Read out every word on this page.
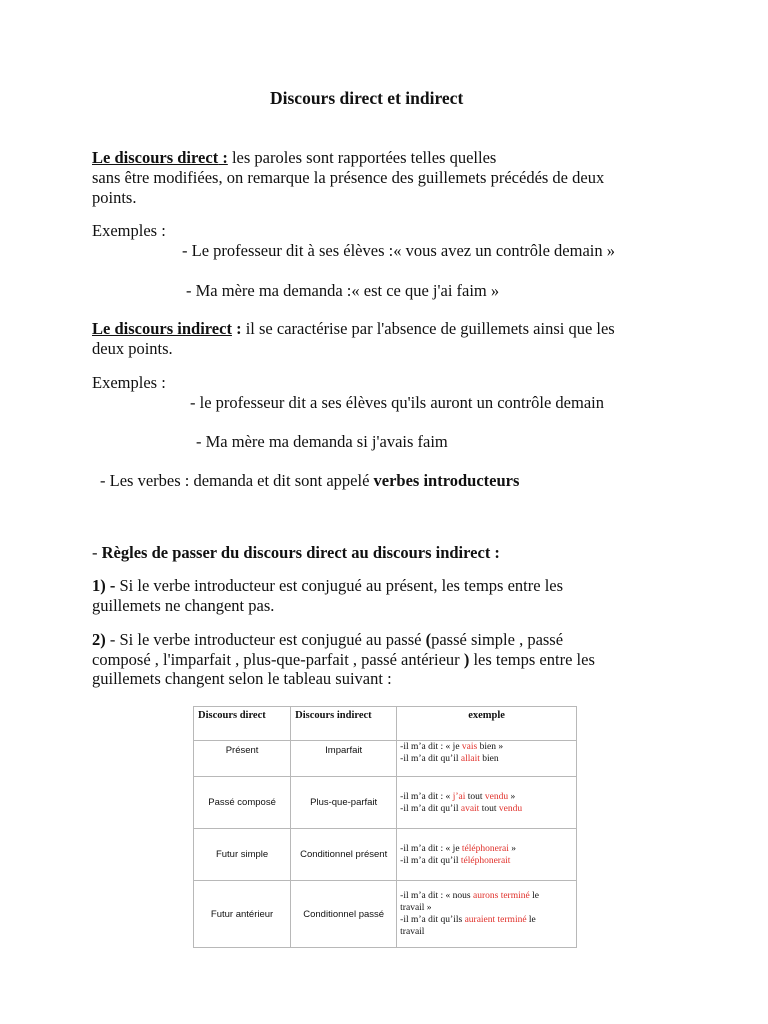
Discours direct et indirect
Le discours direct : les paroles sont rapportées telles quelles
sans être modifiées, on remarque la présence des guillemets précédés de deux
points.
Exemples :
- Le professeur dit à ses élèves :« vous avez un contrôle demain »
- Ma mère ma demanda :« est ce que j'ai faim »
Le discours indirect : il se caractérise par l'absence de guillemets ainsi que les
deux points.
Exemples :
- le professeur dit a ses élèves qu'ils auront un contrôle demain
- Ma mère ma demanda si j'avais faim
- Les verbes : demanda et dit sont appelé verbes introducteurs
- Règles de passer du discours direct au discours indirect :
1) - Si le verbe introducteur est conjugué au présent, les temps entre les
guillemets ne changent pas.
2) - Si le verbe introducteur est conjugué au passé (passé simple , passé
composé , l'imparfait , plus-que-parfait , passé antérieur ) les temps entre les
guillemets changent selon le tableau suivant :
Discours direct	Discours indirect	exemple
Présent	Imparfait	-il m’a dit : « je vais bien »
-il m’a dit qu’il allait bien

Passé composé	Plus-que-parfait	-il m’a dit : « j’ai tout vendu »
-il m’a dit qu’il avait tout vendu

Futur simple	Conditionnel présent	-il m’a dit : « je téléphonerai »
-il m’a dit qu’il téléphonerait

Futur antérieur	Conditionnel passé	-il m’a dit : « nous aurons terminé le
travail »
-il m’a dit qu’ils auraient terminé le
travail
